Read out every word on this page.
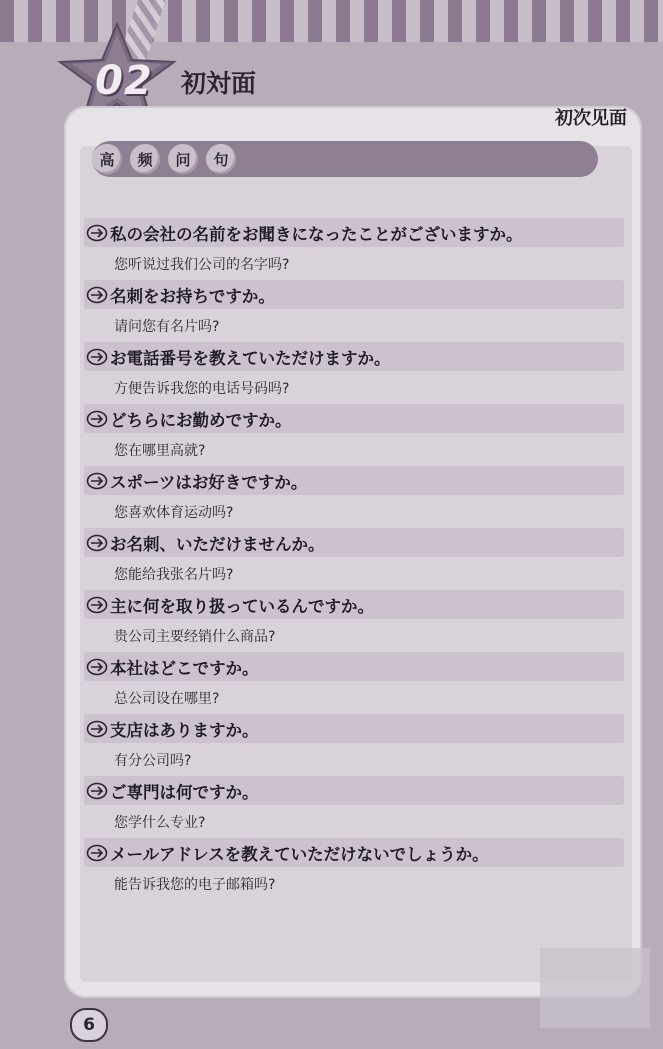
02	初対面
初次见面
高	频	问	句
私の会社の名前をお聞きになったことがございますか。
您听说过我们公司的名字吗?
名刺をお持ちですか。
请问您有名片吗?
お電話番号を教えていただけますか。
方便告诉我您的电话号码吗?
どちらにお勤めですか。
您在哪里高就?
スポーツはお好きですか。
您喜欢体育运动吗?
お名刺、いただけませんか。
您能给我张名片吗?
主に何を取り扱っているんですか。
贵公司主要经销什么商品?
本社はどこですか。
总公司设在哪里?
支店はありますか。
有分公司吗?
ご専門は何ですか。
您学什么专业?
メールアドレスを教えていただけないでしょうか。
能告诉我您的电子邮箱吗?
6
